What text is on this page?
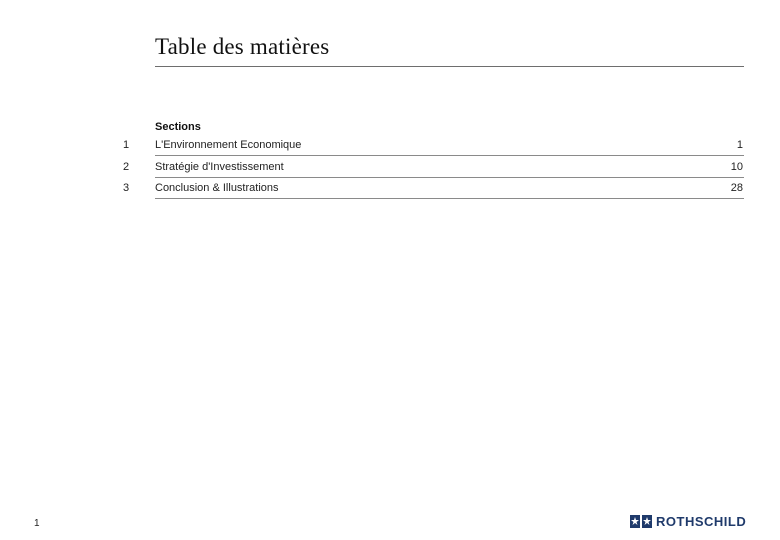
Table des matières
Sections
1 L'Environnement Economique	1
2 Stratégie d'Investissement	10
3 Conclusion & Illustrations	28
1	ROTHSCHILD
